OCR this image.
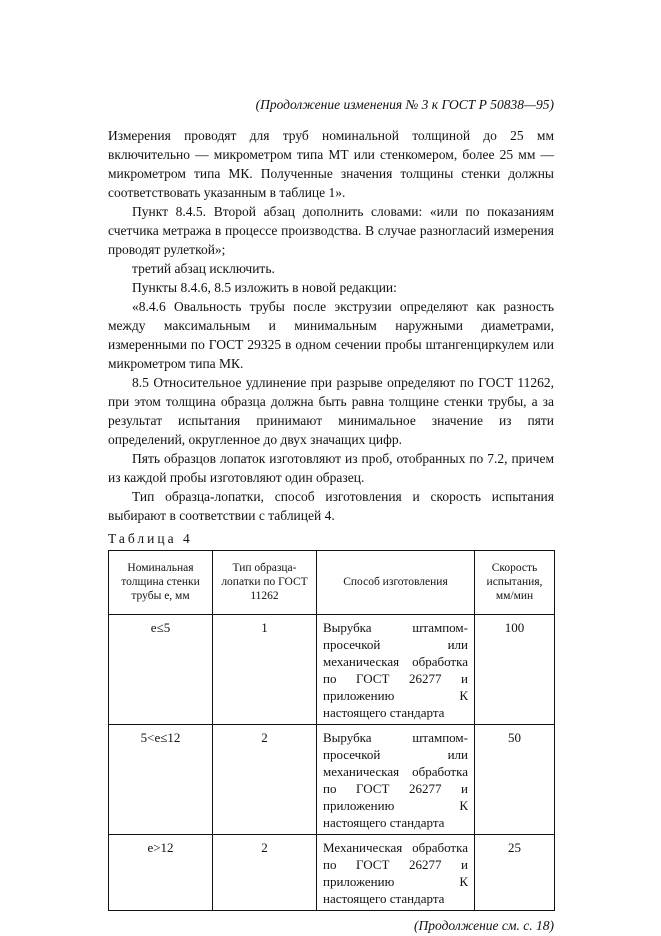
(Продолжение изменения № 3 к ГОСТ Р 50838—95)

Измерения проводят для труб номинальной толщиной до 25 мм включительно — микрометром типа МТ или стенкомером, более 25 мм — микрометром типа МК. Полученные значения толщины стенки должны соответствовать указанным в таблице 1».

Пункт 8.4.5. Второй абзац дополнить словами: «или по показаниям счетчика метража в процессе производства. В случае разногласий измерения проводят рулеткой»;

третий абзац исключить.

Пункты 8.4.6, 8.5 изложить в новой редакции:

«8.4.6 Овальность трубы после экструзии определяют как разность между максимальным и минимальным наружными диаметрами, измеренными по ГОСТ 29325 в одном сечении пробы штангенциркулем или микрометром типа МК.

8.5 Относительное удлинение при разрыве определяют по ГОСТ 11262, при этом толщина образца должна быть равна толщине стенки трубы, а за результат испытания принимают минимальное значение из пяти определений, округленное до двух значащих цифр.

Пять образцов лопаток изготовляют из проб, отобранных по 7.2, причем из каждой пробы изготовляют один образец.

Тип образца-лопатки, способ изготовления и скорость испытания выбирают в соответствии с таблицей 4.

Таблица 4
Номинальная толщина стенки трубы e, мм	Тип образца-лопатки по ГОСТ 11262	Способ изготовления	Скорость испытания, мм/мин
e≤5	1	Вырубка штампом-просечкой или механическая обработка по ГОСТ 26277 и приложению К настоящего стандарта	100
5<e≤12	2	Вырубка штампом-просечкой или механическая обработка по ГОСТ 26277 и приложению К настоящего стандарта	50
e>12	2	Механическая обработка по ГОСТ 26277 и приложению К настоящего стандарта	25
(Продолжение см. с. 18)
